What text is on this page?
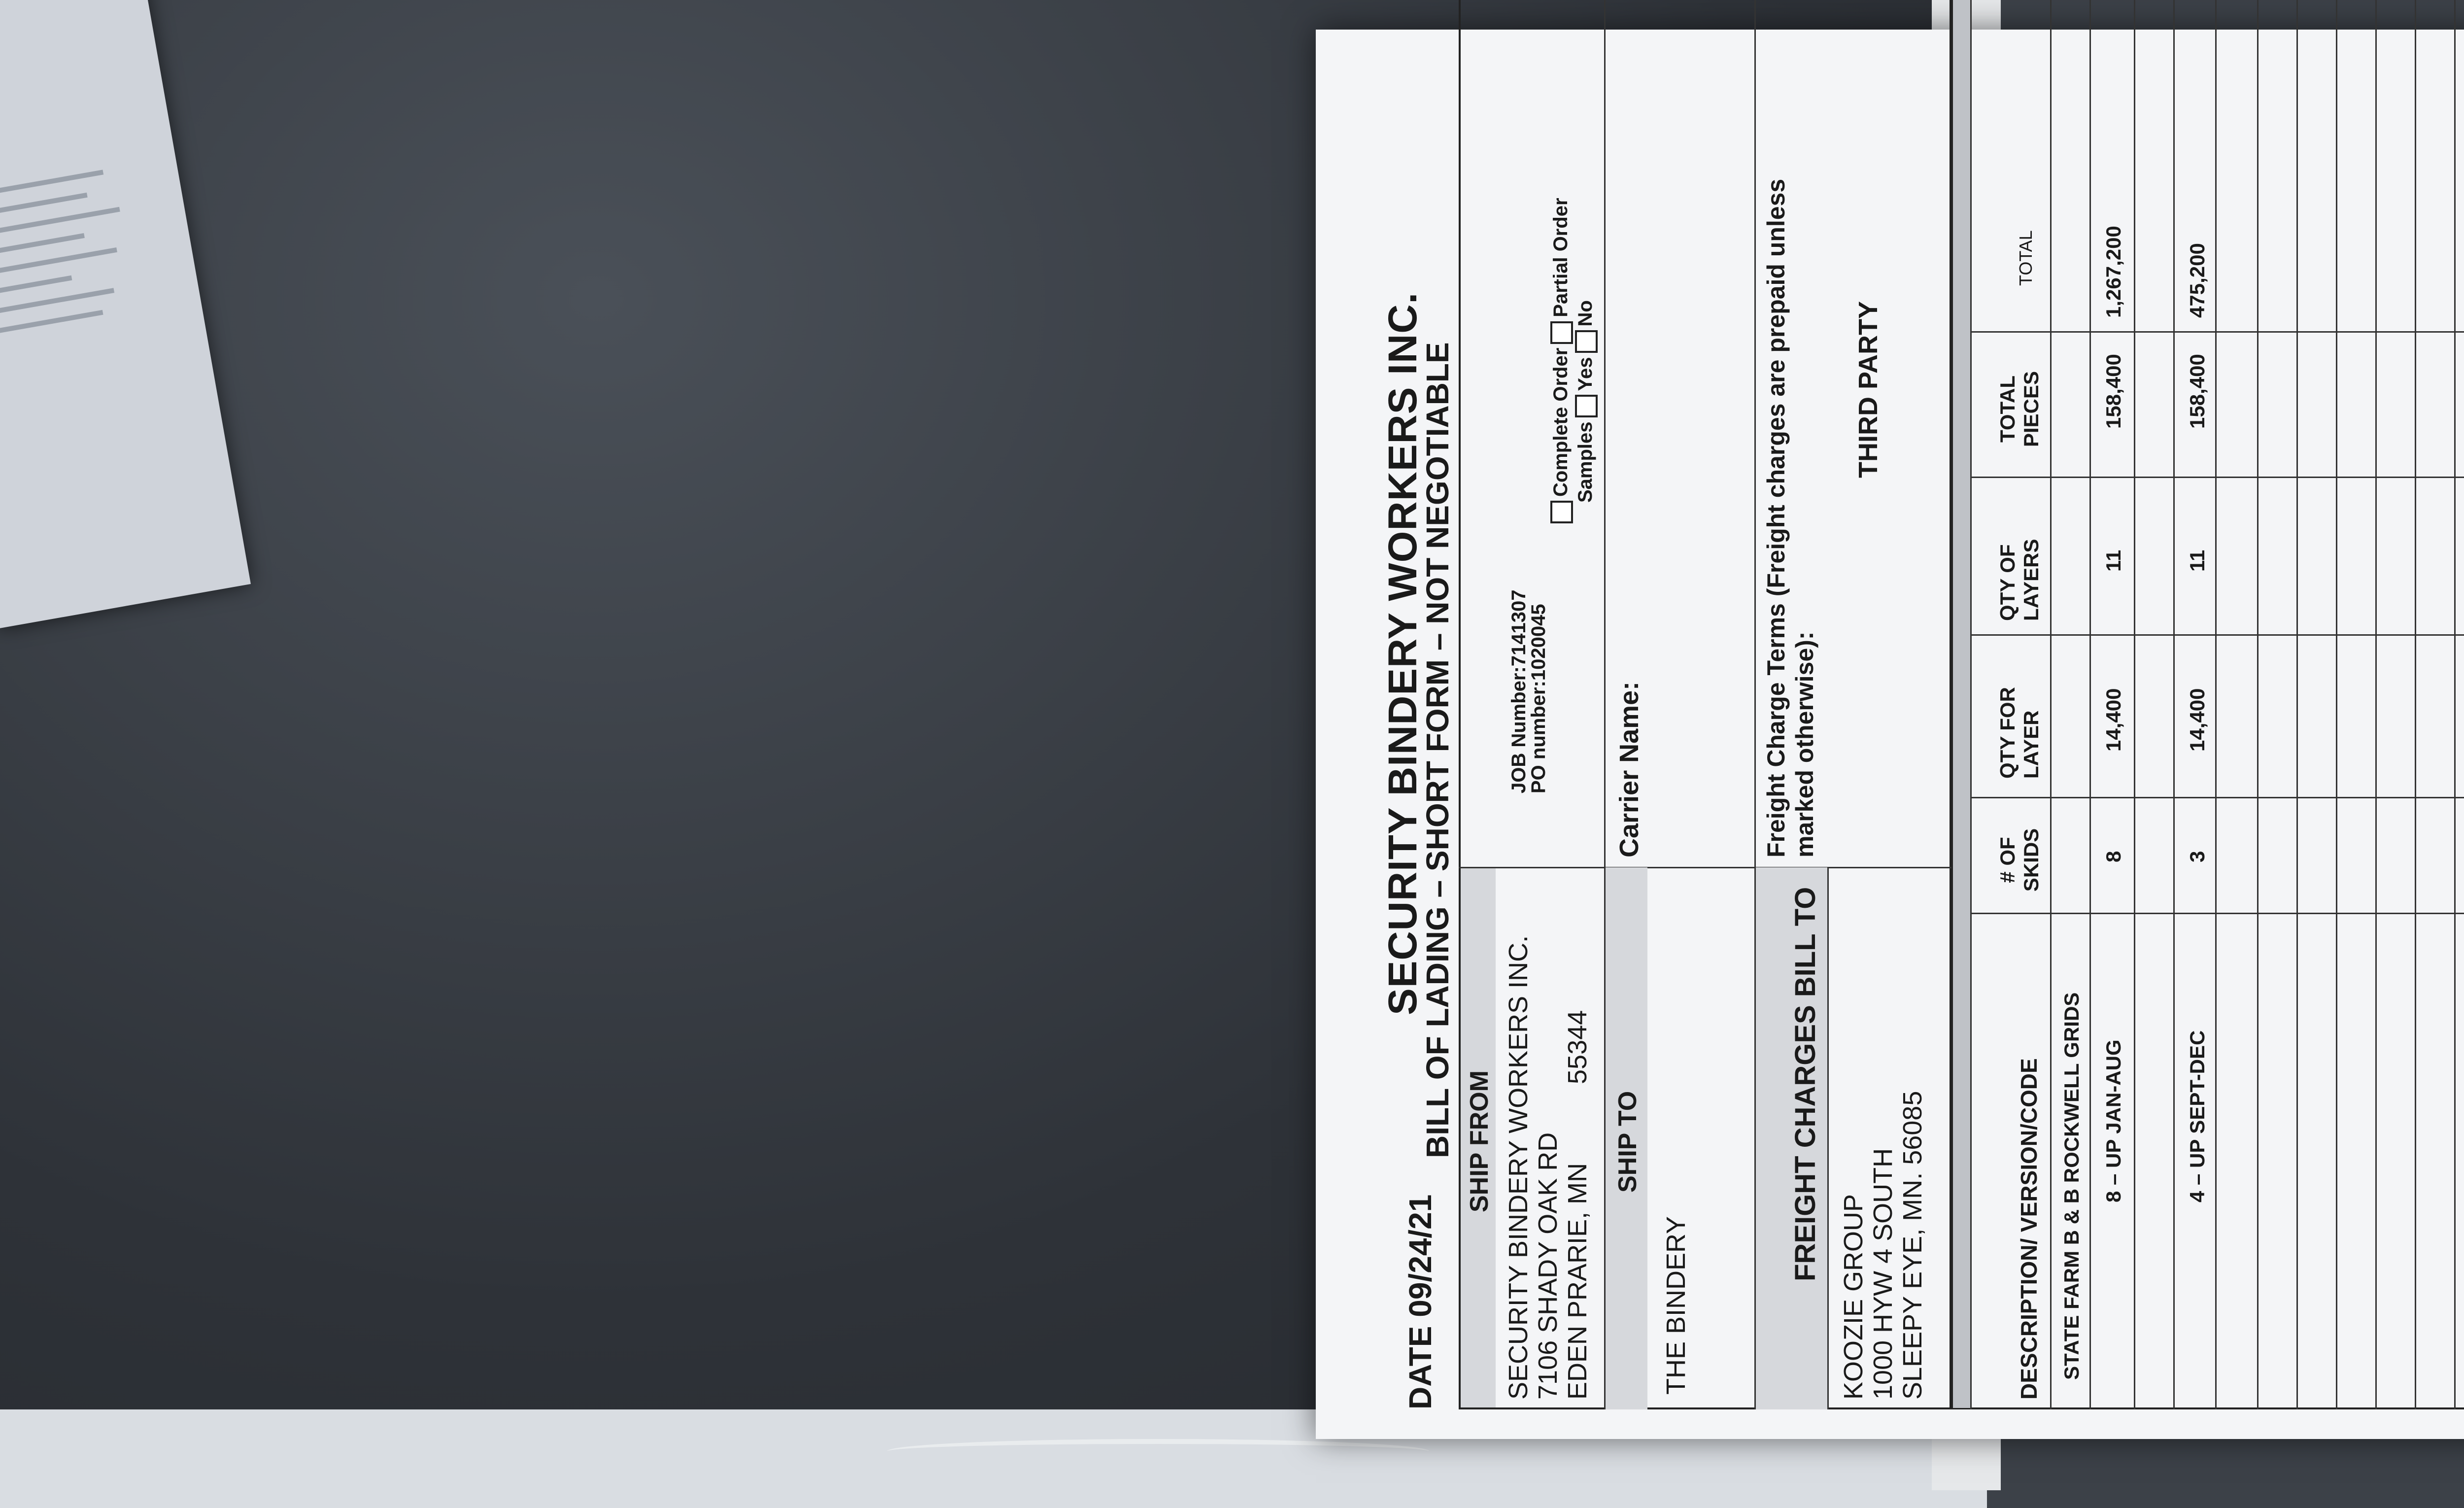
DATE 09/24/21
SECURITY BINDERY WORKERS INC.
BILL OF LADING – SHORT FORM – NOT NEGOTIABLE SHIP FROM SECURITY BINDERY WORKERS INC. 7106 SHADY OAK RD EDEN PRARIE, MN
55344
JOB Number:7141307
PO number:1020045
Complete OrderPartial Order
SamplesYesNo
SHIP TO
THE BINDERY
Carrier Name:
FREIGHT CHARGES BILL TO
KOOZIE GROUP 1000 HYW 4 SOUTH SLEEPY EYE, MN. 56085
Freight Charge Terms (Freight charges are prepaid unless marked otherwise):
THIRD PARTY
DESCRIPTION/ VERSION/CODE
# OF SKIDS
QTY FOR LAYER
QTY OF LAYERS
TOTAL PIECES
TOTAL
STATE FARM B & B ROCKWELL GRIDS 8 – UP JAN-AUG
8
14,400
11
158,400
1,267,200
4 – UP SEPT-DEC
3
14,400
11
158,400
475,200
